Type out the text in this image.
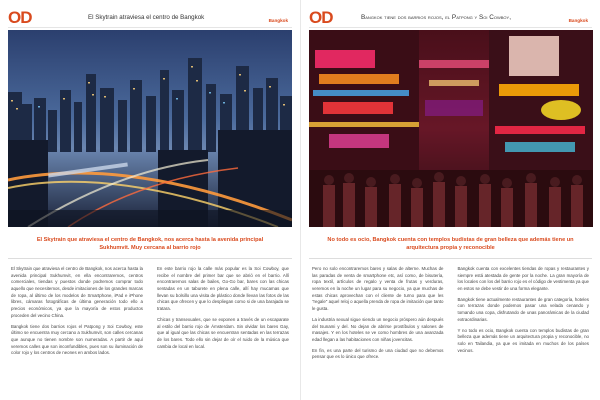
OD	El Skytrain atraviesa el centro de Bangkok	Bangkok
El Skytrain que atraviesa el centro de Bangkok, nos acerca hasta la avenida principal Sukhumvit. Muy cercana al barrio rojo

El Skytrain que atraviesa el centro de Bangkok, nos acerca hasta la avenida principal Sukhumvit, en ella encontraremos, centros comerciales, tiendas y puestos donde podremos comprar todo aquello que necesitemos, desde imitaciones de los grandes marcas de ropa, al último de los modelos de Smartphone, iPad e iPhone libres, cámaras fotográficas de última generación todo ello a precios económicos, ya que la mayoría de estos productos proceden del vecino China.

Bangkok tiene dos barrios rojos el Patpong y Soi Cowboy, este último se encuentra muy cercano a Sukhumvit, son calles cercanas que aunque no tienen nombre son numeradas. A partir de aquí veremos calles que son inconfundibles, pues son su iluminación de color rojo y los centros de neones en ambos lados.

En este barrio rojo la calle más popular es la Soi Cowboy, que recibe el nombre del primer bar que se abrió en el barrio. Allí encontraremos salas de bailes, Go-Go bar, bares con las chicas sentadas en un taburete en plena calle, allí hay mucamas que llevan su bolsillo una visita de plástico donde llevan las fotos de las chicas que ofrecen y que lo despliegan como si de una barajada se tratara.

Chicas y transexuales, que se exponen a través de un escaparate al estilo del barrio rojo de Ámsterdam. Sin olvidar los bares Gay, que al igual que las chicas se encuentran sentadas en las terrazas de los bares. Todo ello sin dejar de oír el ruido de la música que cambia de local en local.

OD	Bangkok tiene dos barrios rojos, el Patpong y Soi Cowboy,	Bangkok
No todo es ocio, Bangkok cuenta con templos budistas de gran belleza que además tiene un arquitectura propia y reconocible

Pero no solo encontraremos bares y salas de alterne. Muchas de las paradas de venta de smartphone etc, así como, de bisutería, ropa textil, artículos de regalo y venta de frutas y verduras, veremos en la noche un lugar para su negocio, ya que muchas de estas chicas aprovechan con el cliente de turno para que les "regale" aquel reloj o aquella prenda de ropa de imitación que tanto le gusta.

La industria sexual sigue siendo un negocio próspero aún después del tsunami y del. No dejan de abrirse prostíbulos y salones de masajes. Y en los hoteles se ve como hombres de una avanzada edad llegan a las habitaciones con niñas jovencitas.

En fin, es una parte del turismo de una ciudad que no debemos pensar que es lo único que ofrece.

Bangkok cuenta con excelentes tiendas de ropas y restaurantes y siempre está atestada de gente por la noche. La gran mayoría de los locales con los del barrio rojo es el código de vestimenta ya que en estos se debe vestir de una forma elegante.

Bangkok tiene actualmente restaurantes de gran categoría, hoteles con terrazas donde podemos pasar una velada cenando y tomando una copa, disfrutando de unas panorámicas de la ciudad extraordinarias.

Y no todo es ocio, Bangkok cuenta con templos budistas de gran belleza que además tiene un arquitectura propia y reconocible, no solo en Tailandia, ya que es imitada en muchos de los países vecinos.
